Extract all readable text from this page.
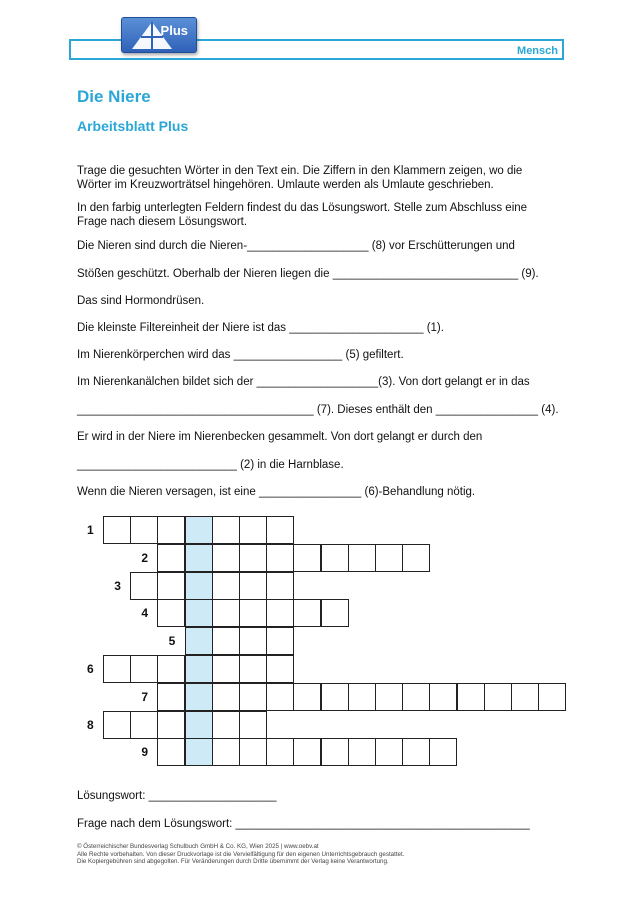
Plus
Mensch
Die Niere
Arbeitsblatt Plus
Trage die gesuchten Wörter in den Text ein. Die Ziffern in den Klammern zeigen, wo die Wörter im Kreuzworträtsel hingehören. Umlaute werden als Umlaute geschrieben.
In den farbig unterlegten Feldern findest du das Lösungswort. Stelle zum Abschluss eine Frage nach diesem Lösungswort.
Die Nieren sind durch die Nieren-___________________ (8) vor Erschütterungen und
Stößen geschützt. Oberhalb der Nieren liegen die _____________________________ (9).
Das sind Hormondrüsen.
Die kleinste Filtereinheit der Niere ist das _____________________ (1).
Im Nierenkörperchen wird das _________________ (5) gefiltert.
Im Nierenkanälchen bildet sich der ___________________(3). Von dort gelangt er in das
_____________________________________ (7). Dieses enthält den ________________ (4).
Er wird in der Niere im Nierenbecken gesammelt. Von dort gelangt er durch den
_________________________ (2) in die Harnblase.
Wenn die Nieren versagen, ist eine ________________ (6)-Behandlung nötig.
1
2
3
4
5
6
7
8
9
Lösungswort: ____________________
Frage nach dem Lösungswort: ______________________________________________
© Österreichischer Bundesverlag Schulbuch GmbH & Co. KG, Wien 2025 | www.oebv.at
Alle Rechte vorbehalten. Von dieser Druckvorlage ist die Vervielfältigung für den eigenen Unterrichtsgebrauch gestattet.
Die Kopiergebühren sind abgegolten. Für Veränderungen durch Dritte übernimmt der Verlag keine Verantwortung.
